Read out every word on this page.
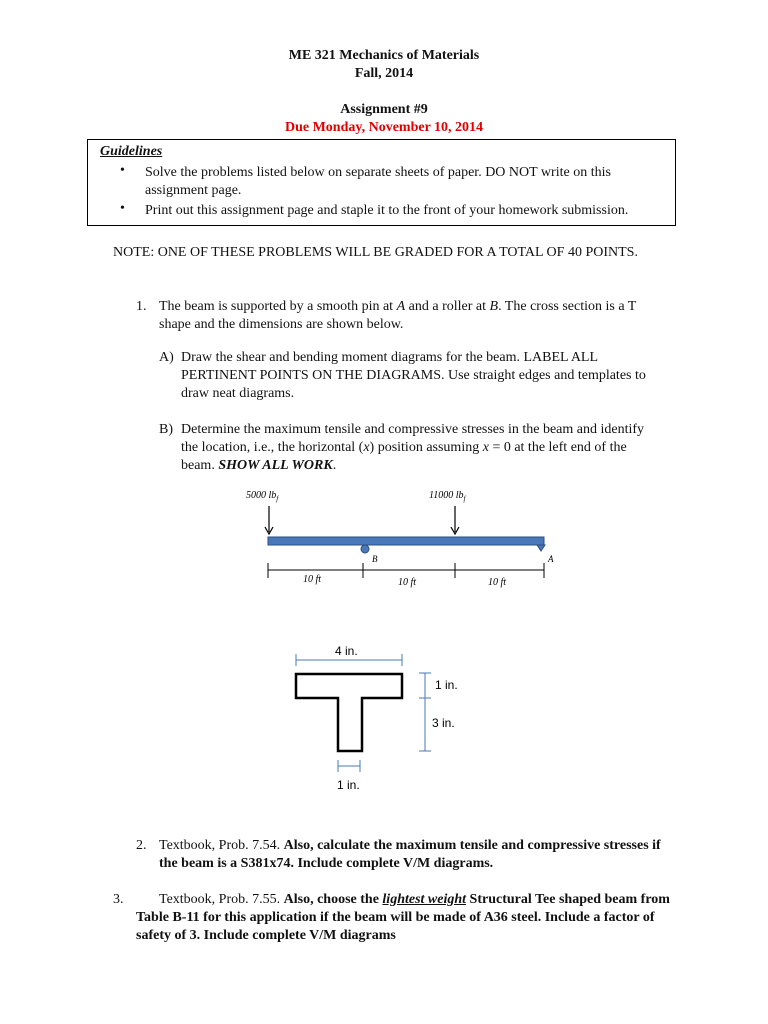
ME 321 Mechanics of Materials
Fall, 2014
Assignment #9
Due Monday, November 10, 2014
Guidelines
• Solve the problems listed below on separate sheets of paper. DO NOT write on this assignment page.
• Print out this assignment page and staple it to the front of your homework submission.
NOTE: ONE OF THESE PROBLEMS WILL BE GRADED FOR A TOTAL OF 40 POINTS.
1. The beam is supported by a smooth pin at A and a roller at B. The cross section is a T shape and the dimensions are shown below.
A) Draw the shear and bending moment diagrams for the beam. LABEL ALL PERTINENT POINTS ON THE DIAGRAMS. Use straight edges and templates to draw neat diagrams.
B) Determine the maximum tensile and compressive stresses in the beam and identify the location, i.e., the horizontal (x) position assuming x = 0 at the left end of the beam. SHOW ALL WORK.
5000 $lb_f$	11000 $lb_f$
B	A
10 ft	10 ft	10 ft
4 in.
1 in.
3 in.
1 in.
2. Textbook, Prob. 7.54. Also, calculate the maximum tensile and compressive stresses if the beam is a S381x74. Include complete V/M diagrams.
3.	Textbook, Prob. 7.55. Also, choose the lightest weight Structural Tee shaped beam from Table B-11 for this application if the beam will be made of A36 steel. Include a factor of safety of 3. Include complete V/M diagrams
